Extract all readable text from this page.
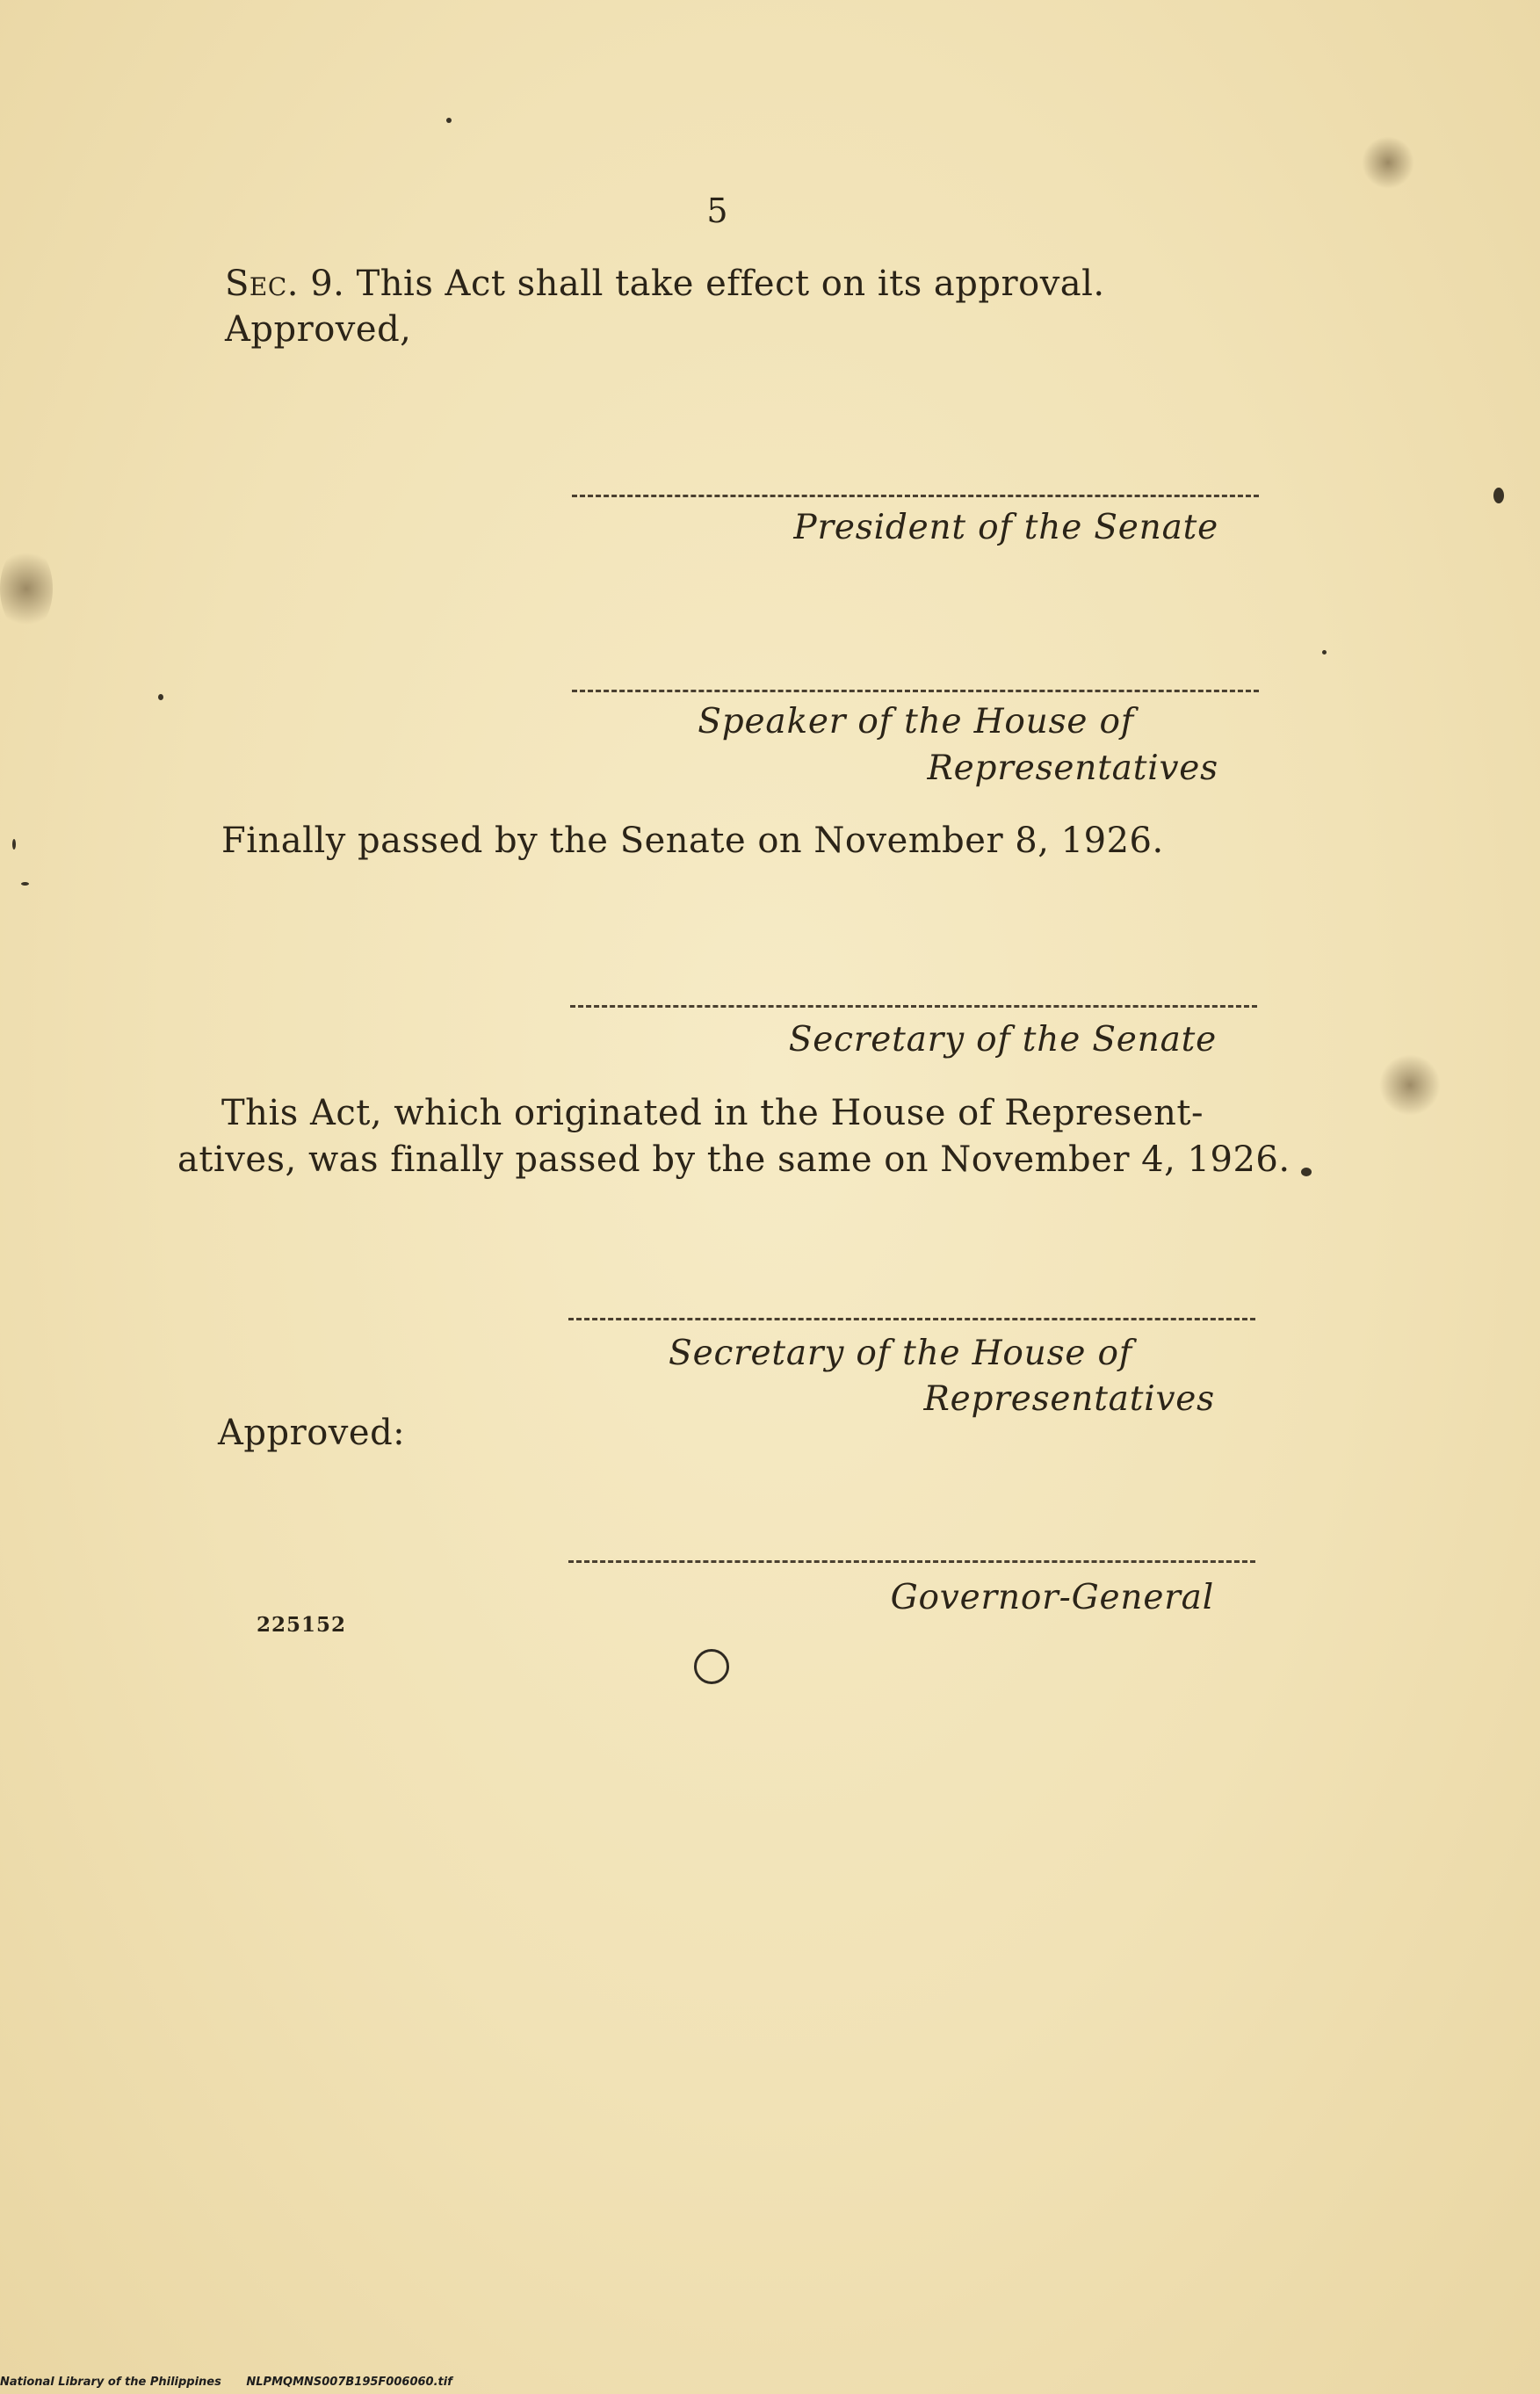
5

Sec. 9. This Act shall take effect on its approval.

Approved,

President of the Senate

Speaker of the House of

Representatives

Finally passed by the Senate on November 8, 1926.

Secretary of the Senate

This Act, which originated in the House of Represent-

atives, was finally passed by the same on November 4, 1926.

Secretary of the House of

Representatives

Approved:

Governor-General

225152

National Library of the Philippines NLPMQMNS007B195F006060.tif
